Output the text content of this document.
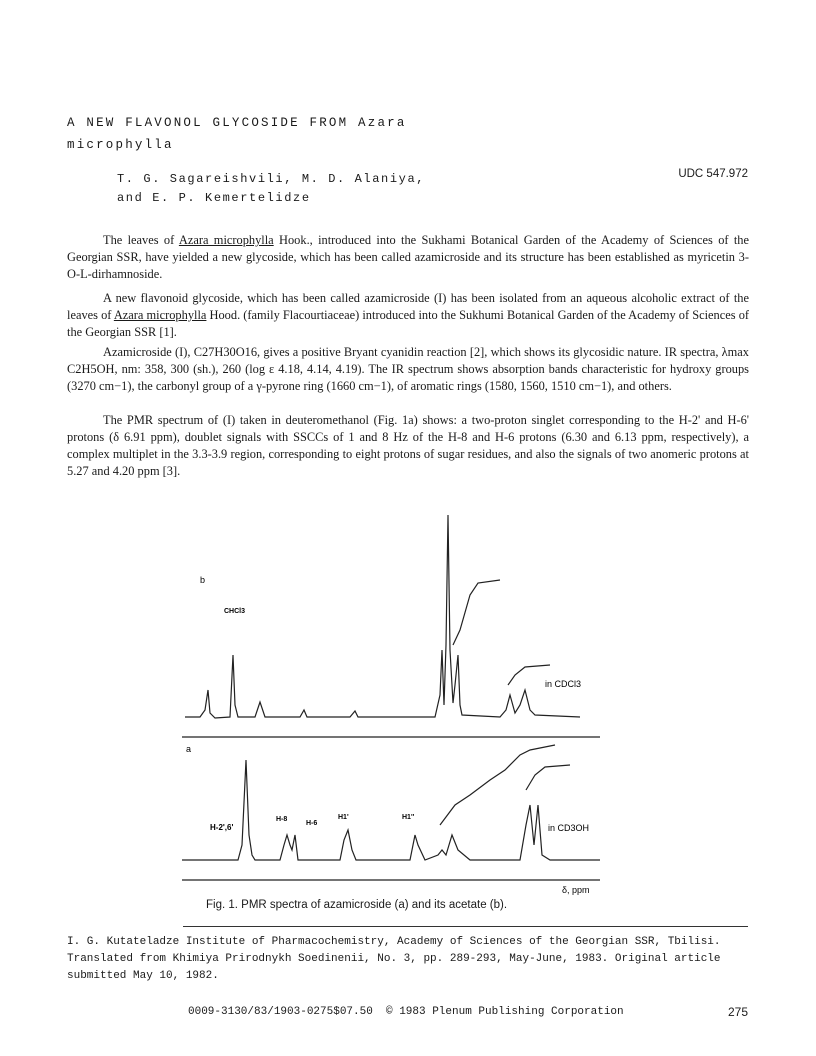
A NEW FLAVONOL GLYCOSIDE FROM Azara
microphylla
T. G. Sagareishvili, M. D. Alaniya,
and E. P. Kemertelidze
UDC 547.972

The leaves of Azara microphylla Hook., introduced into the Sukhami Botanical Garden of the Academy of Sciences of the Georgian SSR, have yielded a new glycoside, which has been called azamicroside and its structure has been established as myricetin 3-O-L-dirhamnoside.

A new flavonoid glycoside, which has been called azamicroside (I) has been isolated from an aqueous alcoholic extract of the leaves of Azara microphylla Hood. (family Flacourtiaceae) introduced into the Sukhumi Botanical Garden of the Academy of Sciences of the Georgian SSR [1].

Azamicroside (I), C27H30O16, gives a positive Bryant cyanidin reaction [2], which shows its glycosidic nature. IR spectra, λmax C2H5OH, nm: 358, 300 (sh.), 260 (log ε 4.18, 4.14, 4.19). The IR spectrum shows absorption bands characteristic for hydroxy groups (3270 cm−1), the carbonyl group of a γ-pyrone ring (1660 cm−1), of aromatic rings (1580, 1560, 1510 cm−1), and others.

The PMR spectrum of (I) taken in deuteromethanol (Fig. 1a) shows: a two-proton singlet corresponding to the H-2' and H-6' protons (δ 6.91 ppm), doublet signals with SSCCs of 1 and 8 Hz of the H-8 and H-6 protons (6.30 and 6.13 ppm, respectively), a complex multiplet in the 3.3-3.9 region, corresponding to eight protons of sugar residues, and also the signals of two anomeric protons at 5.27 and 4.20 ppm [3].

b
a
CHCl3
in CDCl3
H-2',6'
H-8
H-6
H1'	H1''
in CD3OH
δ, ppm
Fig. 1. PMR spectra of azamicroside (a) and its acetate (b).
I. G. Kutateladze Institute of Pharmacochemistry, Academy of Sciences of the Georgian SSR, Tbilisi. Translated from Khimiya Prirodnykh Soedinenii, No. 3, pp. 289-293, May-June, 1983. Original article submitted May 10, 1982.
0009-3130/83/1903-0275$07.50 © 1983 Plenum Publishing Corporation	275
